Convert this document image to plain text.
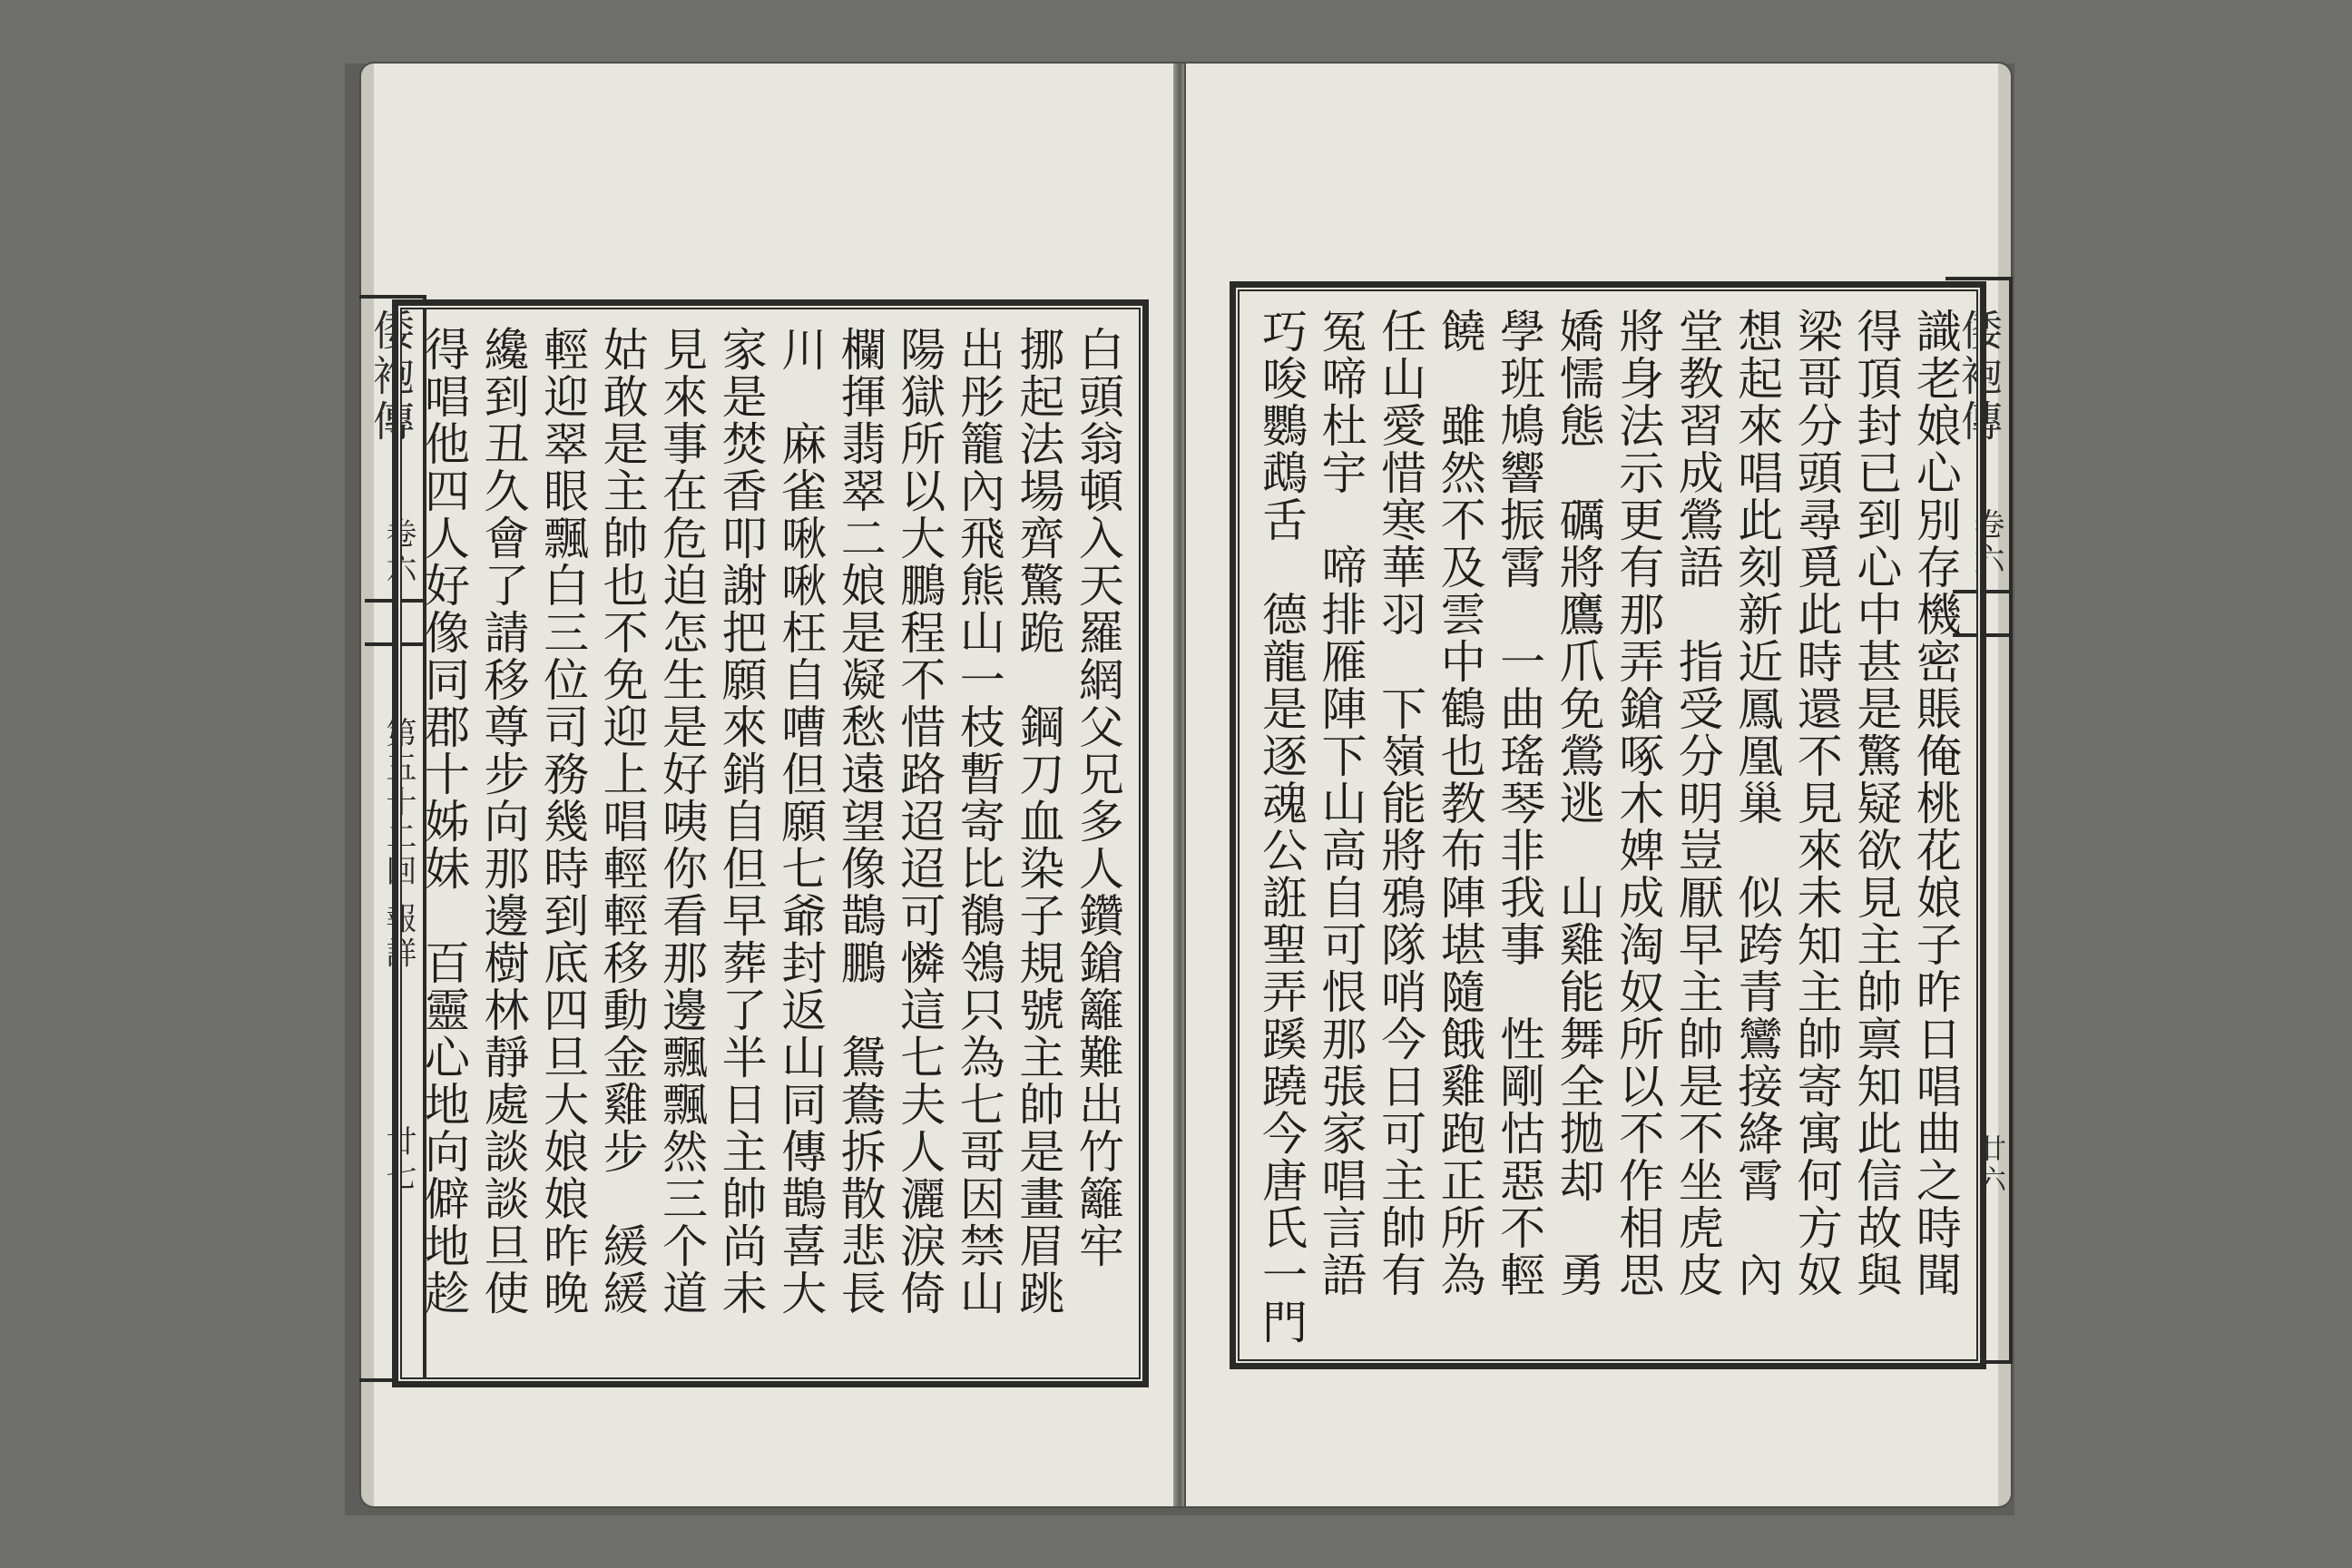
倭袍傳
卷六
第五十二回 報詳
廿七	白頭翁頓入天羅網父兄多人鑽鎗籬難出竹籬牢
挪起法場齊驚跪　鋼刀血染子規號主帥是畫眉跳
出彤籠內飛熊山一枝暫寄比鶺鴒只為七哥因禁山
陽獄所以大鵬程不惜路迢迢可憐這七夫人灑淚倚
欄揮翡翠二娘是凝愁遠望像鵲鵬　鴛鴦拆散悲長
川　麻雀啾啾枉自嘈但願七爺封返山同傳鵲喜大
家是焚香叩謝把願來銷自但早葬了半日主帥尚未
見來事在危迫怎生是好咦你看那邊飄飄然三个道
姑敢是主帥也不免迎上唱輕輕移動金雞步　緩緩
輕迎翠眼飄白三位司務幾時到底四旦大娘娘昨晚
纔到丑久會了請移尊步向那邊樹林靜處談談旦使
得唱他四人好像同郡十姊妹　百靈心地向僻地趁	倭袍傳
卷六
廿六
識老娘心別存機密賬俺桃花娘子昨日唱曲之時聞
得頂封已到心中甚是驚疑欲見主帥禀知此信故與
梁哥分頭尋覓此時還不見來未知主帥寄寓何方奴
想起來唱此刻新近鳳凰巢　似跨青鸞接絳霄　內
堂教習成鶯語　指受分明豈厭早主帥是不坐虎皮
將身法示更有那弄鎗啄木婢成淘奴所以不作相思
嬌懦態　礪將鷹爪免鶯逃　山雞能舞全拋却　勇
學班鳩響振霄　一曲瑤琴非我事　性剛怙惡不輕
饒　雖然不及雲中鶴也教布陣堪隨餓雞跑正所為
任山愛惜寒華羽　下嶺能將鴉隊哨今日可主帥有
冤啼杜宇　啼排雁陣下山高自可恨那張家唱言語
巧唆鸚鵡舌　德龍是逐魂公誑聖弄蹊蹺今唐氏一門
